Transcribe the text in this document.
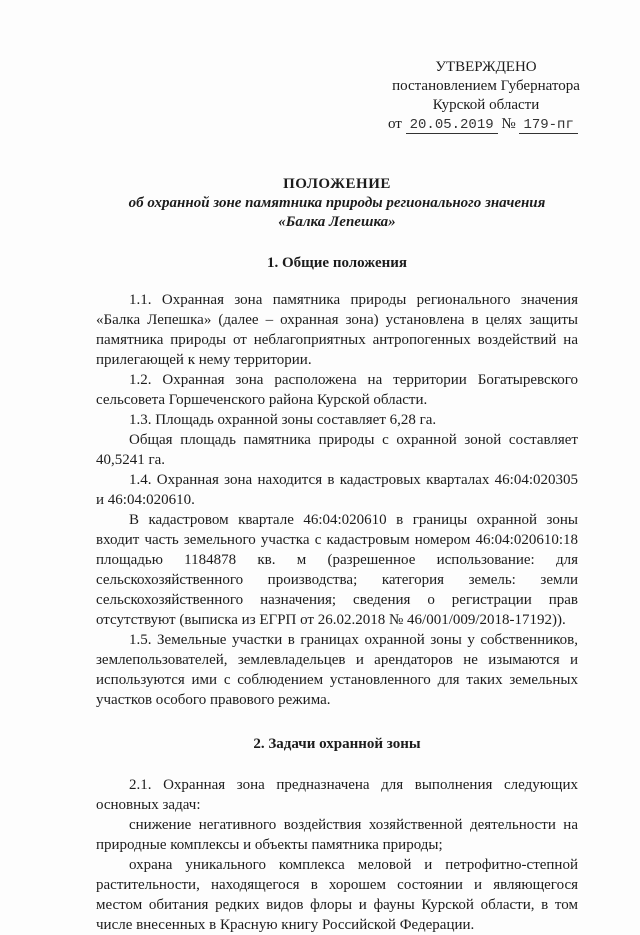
УТВЕРЖДЕНО
постановлением Губернатора
Курской области
от 20.05.2019 № 179-пг
ПОЛОЖЕНИЕ
об охранной зоне памятника природы регионального значения
«Балка Лепешка»
1. Общие положения

1.1. Охранная зона памятника природы регионального значения «Балка Лепешка» (далее – охранная зона) установлена в целях защиты памятника природы от неблагоприятных антропогенных воздействий на прилегающей к нему территории.

1.2. Охранная зона расположена на территории Богатыревского сельсовета Горшеченского района Курской области.

1.3. Площадь охранной зоны составляет 6,28 га.

Общая площадь памятника природы с охранной зоной составляет 40,5241 га.

1.4. Охранная зона находится в кадастровых кварталах 46:04:020305 и 46:04:020610.

В кадастровом квартале 46:04:020610 в границы охранной зоны входит часть земельного участка с кадастровым номером 46:04:020610:18 площадью 1184878 кв. м (разрешенное использование: для сельскохозяйственного производства; категория земель: земли сельскохозяйственного назначения; сведения о регистрации прав отсутствуют (выписка из ЕГРП от 26.02.2018 № 46/001/009/2018-17192)).

1.5. Земельные участки в границах охранной зоны у собственников, землепользователей, землевладельцев и арендаторов не изымаются и используются ими с соблюдением установленного для таких земельных участков особого правового режима.

2. Задачи охранной зоны

2.1. Охранная зона предназначена для выполнения следующих основных задач:

снижение негативного воздействия хозяйственной деятельности на природные комплексы и объекты памятника природы;

охрана уникального комплекса меловой и петрофитно-степной растительности, находящегося в хорошем состоянии и являющегося местом обитания редких видов флоры и фауны Курской области, в том числе внесенных в Красную книгу Российской Федерации.
